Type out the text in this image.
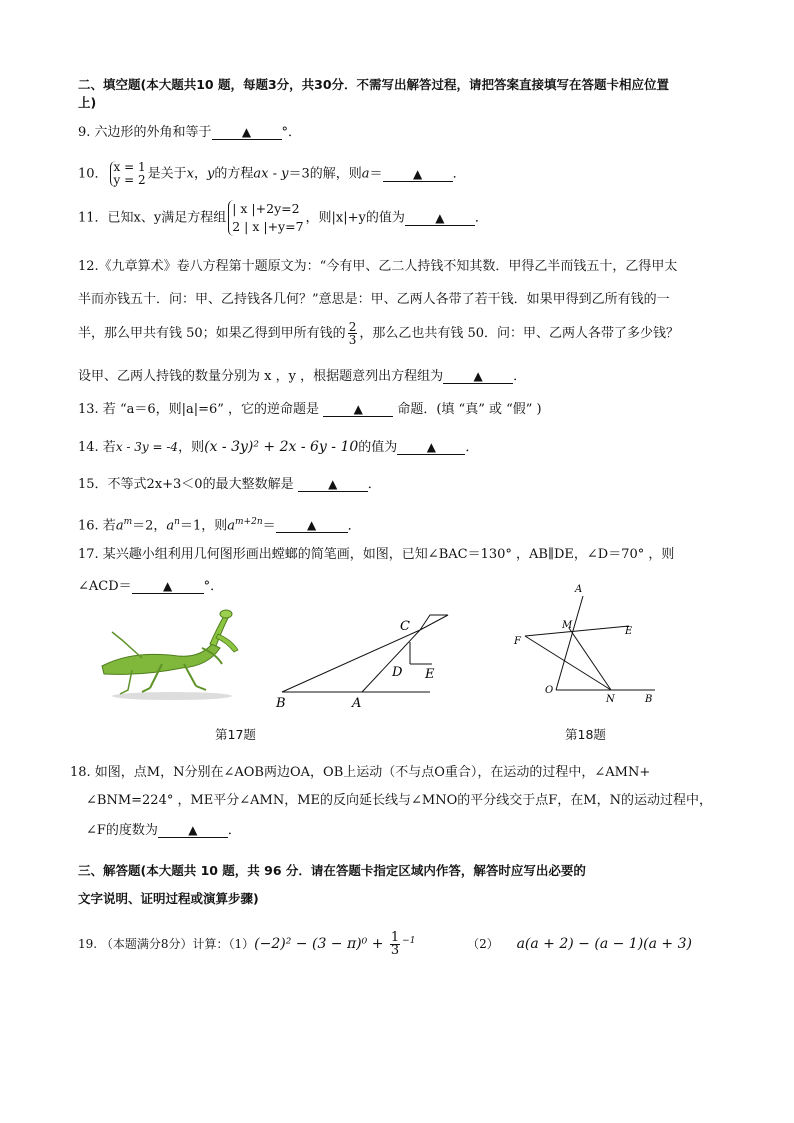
二、填空题(本大题共10 题，每题3分，共30分．不需写出解答过程，请把答案直接填写在答题卡相应位置
上)
9. 六边形的外角和等于	▲ °．
10． x = 1
y = 2 是关于x，y的方程ax - y＝3的解，则a＝	▲ ．
11．已知x、y满足方程组| x |+2y=2
2 | x |+y=7，则|x|+y的值为	▲ ．
12.《九章算术》卷八方程第十题原文为：“今有甲、乙二人持钱不知其数．甲得乙半而钱五十，乙得甲太
半而亦钱五十．问：甲、乙持钱各几何？”意思是：甲、乙两人各带了若干钱．如果甲得到乙所有钱的一
半，那么甲共有钱 50；如果乙得到甲所有钱的 $\frac{2}{3}$ ，那么乙也共有钱 50．问：甲、乙两人各带了多少钱？
设甲、乙两人持钱的数量分别为 x ，y ，根据题意列出方程组为	▲ ．
13. 若 “a＝6，则|a|=6” ，它的逆命题是	▲	命题．(填 “真” 或 “假” )
14. 若x - 3y = -4，则(x - 3y)² + 2x - 6y - 10的值为 ▲ ．
15．不等式2x+3＜0的最大整数解是	▲ ．
16. 若$a^m=2$，$a^n=1$，则$a^{m+2n}=$	▲ ．
17. 某兴趣小组利用几何图形画出螳螂的简笔画，如图，已知∠BAC＝130° ，AB∥DE，∠D＝70° ，则
∠ACD＝	▲ °．
B	A
C
D E
A
M
E
F
O
N	B
第17题	第18题
18. 如图，点M，N分别在∠AOB两边OA，OB上运动（不与点O重合），在运动的过程中，∠AMN+
∠BNM=224° ，ME平分∠AMN，ME的反向延长线与∠MNO的平分线交于点F，在M，N的运动过程中，
∠F的度数为	▲ ．
三、解答题(本大题共 10 题，共 96 分．请在答题卡指定区域内作答，解答时应写出必要的
文字说明、证明过程或演算步骤)
19. （本题满分8分）计算：$(1)(-2)^2 - (3 - \pi)^0 + \frac{1}{3} ^{-1}$	（2） a(a + 2) − (a − 1)(a + 3)
